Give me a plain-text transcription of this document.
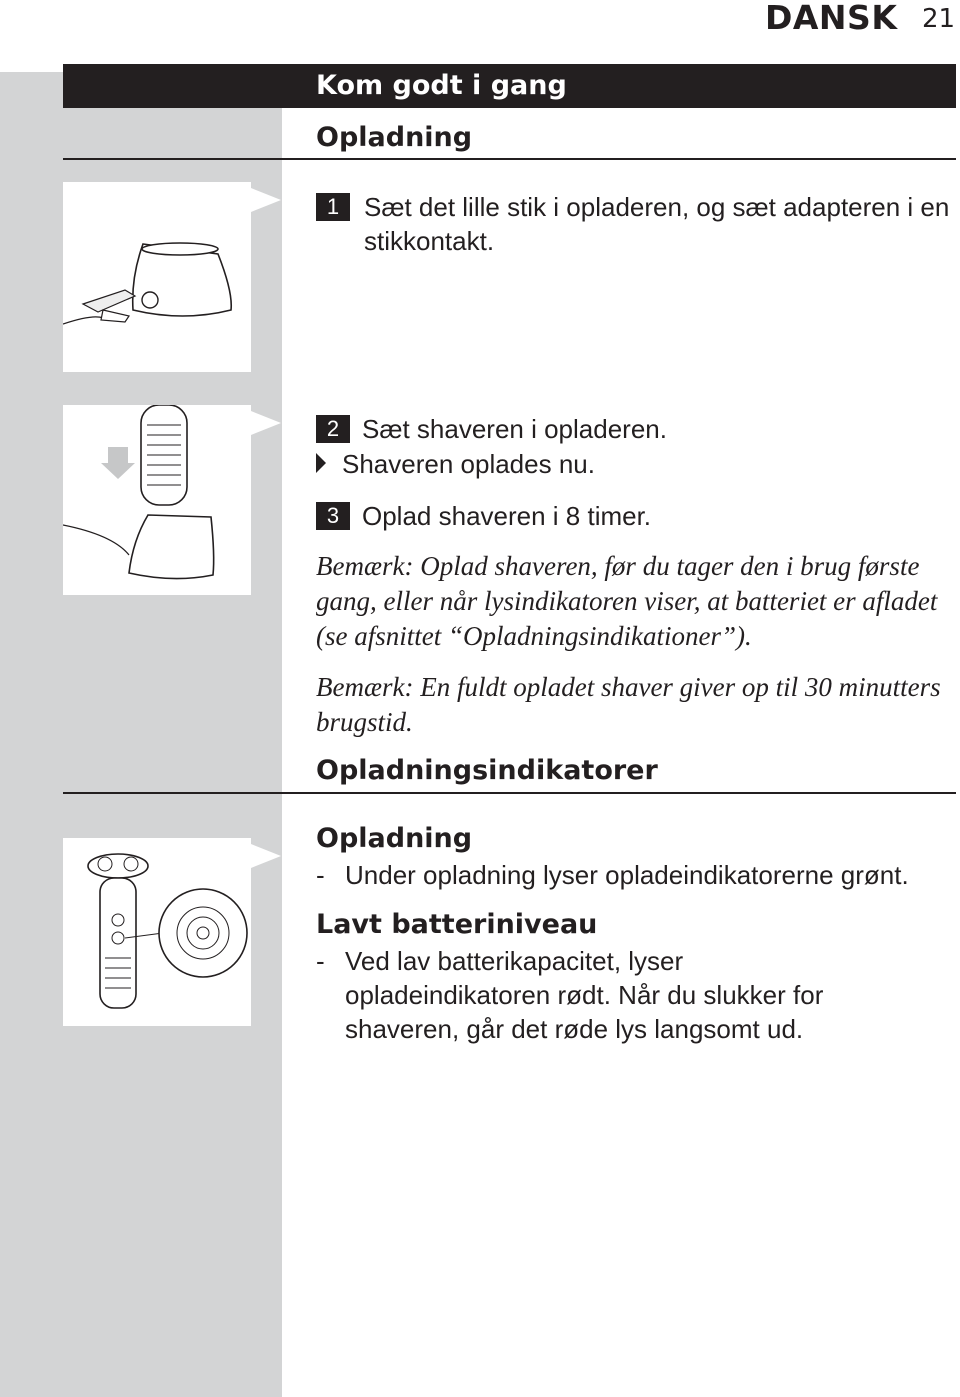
DANSK 21
Kom godt i gang
Opladning
1 Sæt det lille stik i opladeren, og sæt adapteren i en stikkontakt.
2 Sæt shaveren i opladeren.
Shaveren oplades nu.
3 Oplad shaveren i 8 timer.
Bemærk: Oplad shaveren, før du tager den i brug første gang, eller når lysindikatoren viser, at batteriet er afladet (se afsnittet “Opladningsindikationer”).
Bemærk: En fuldt opladet shaver giver op til 30 minutters brugstid.
Opladningsindikatorer
Opladning
- Under opladning lyser opladeindikatorerne grønt.
Lavt batteriniveau
- Ved lav batterikapacitet, lyser opladeindikatoren rødt. Når du slukker for shaveren, går det røde lys langsomt ud.
